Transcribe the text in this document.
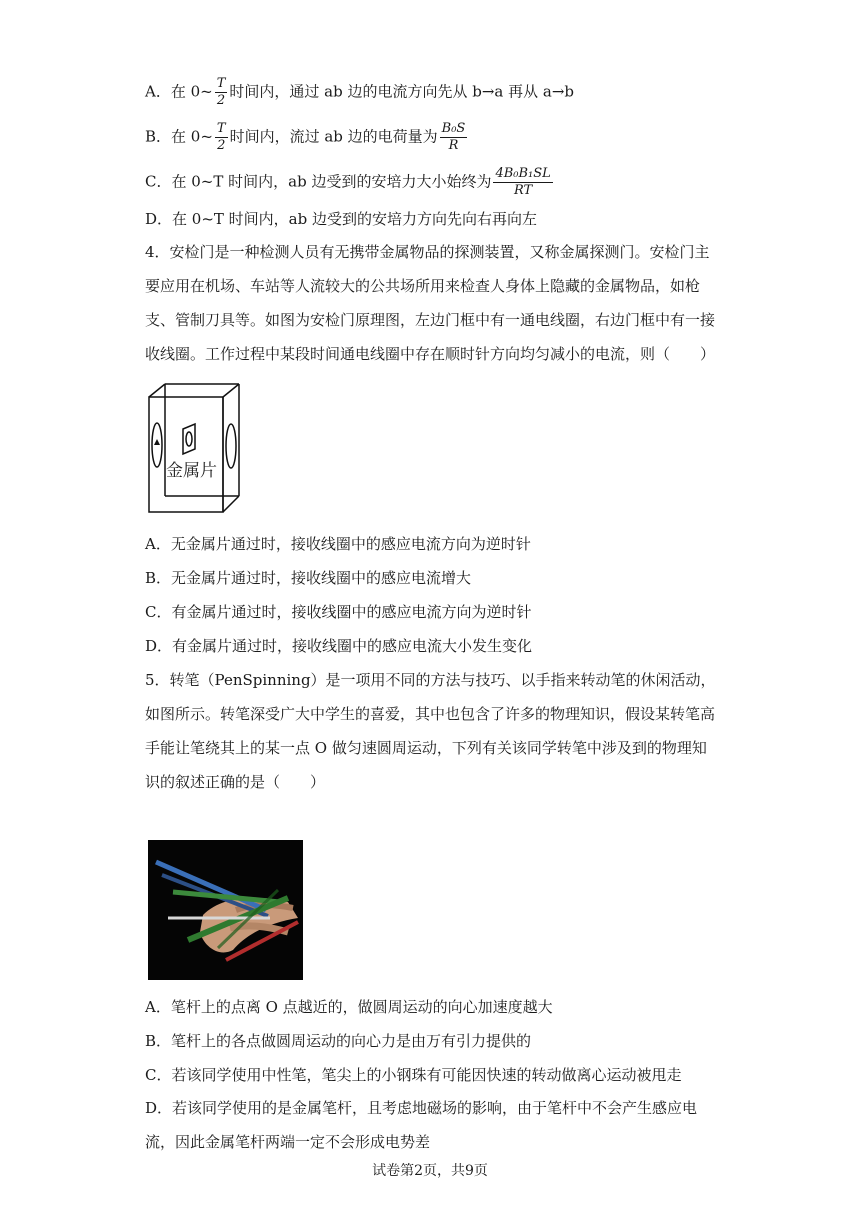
A．在 0~ $\frac{T}{2}$ 时间内，通过 ab 边的电流方向先从 b→a 再从 a→b
B．在 0~ $\frac{T}{2}$ 时间内，流过 ab 边的电荷量为 $\frac{\text{B₀S}}{R}$
C．在 0~T 时间内，ab 边受到的安培力大小始终为 $\frac{\text{4B₀B₁SL}}{RT}$
D．在 0~T 时间内，ab 边受到的安培力方向先向右再向左
4．安检门是一种检测人员有无携带金属物品的探测装置，又称金属探测门。安检门主要应用在机场、车站等人流较大的公共场所用来检查人身体上隐藏的金属物品，如枪支、管制刀具等。如图为安检门原理图，左边门框中有一通电线圈，右边门框中有一接收线圈。工作过程中某段时间通电线圈中存在顺时针方向均匀减小的电流，则（　　）
金属片
A．无金属片通过时，接收线圈中的感应电流方向为逆时针
B．无金属片通过时，接收线圈中的感应电流增大
C．有金属片通过时，接收线圈中的感应电流方向为逆时针
D．有金属片通过时，接收线圈中的感应电流大小发生变化
5．转笔（PenSpinning）是一项用不同的方法与技巧、以手指来转动笔的休闲活动，如图所示。转笔深受广大中学生的喜爱，其中也包含了许多的物理知识，假设某转笔高手能让笔绕其上的某一点 O 做匀速圆周运动，下列有关该同学转笔中涉及到的物理知识的叙述正确的是（　　）
A．笔杆上的点离 O 点越近的，做圆周运动的向心加速度越大
B．笔杆上的各点做圆周运动的向心力是由万有引力提供的
C．若该同学使用中性笔，笔尖上的小钢珠有可能因快速的转动做离心运动被甩走
D．若该同学使用的是金属笔杆，且考虑地磁场的影响，由于笔杆中不会产生感应电流，因此金属笔杆两端一定不会形成电势差
试卷第2页，共9页
